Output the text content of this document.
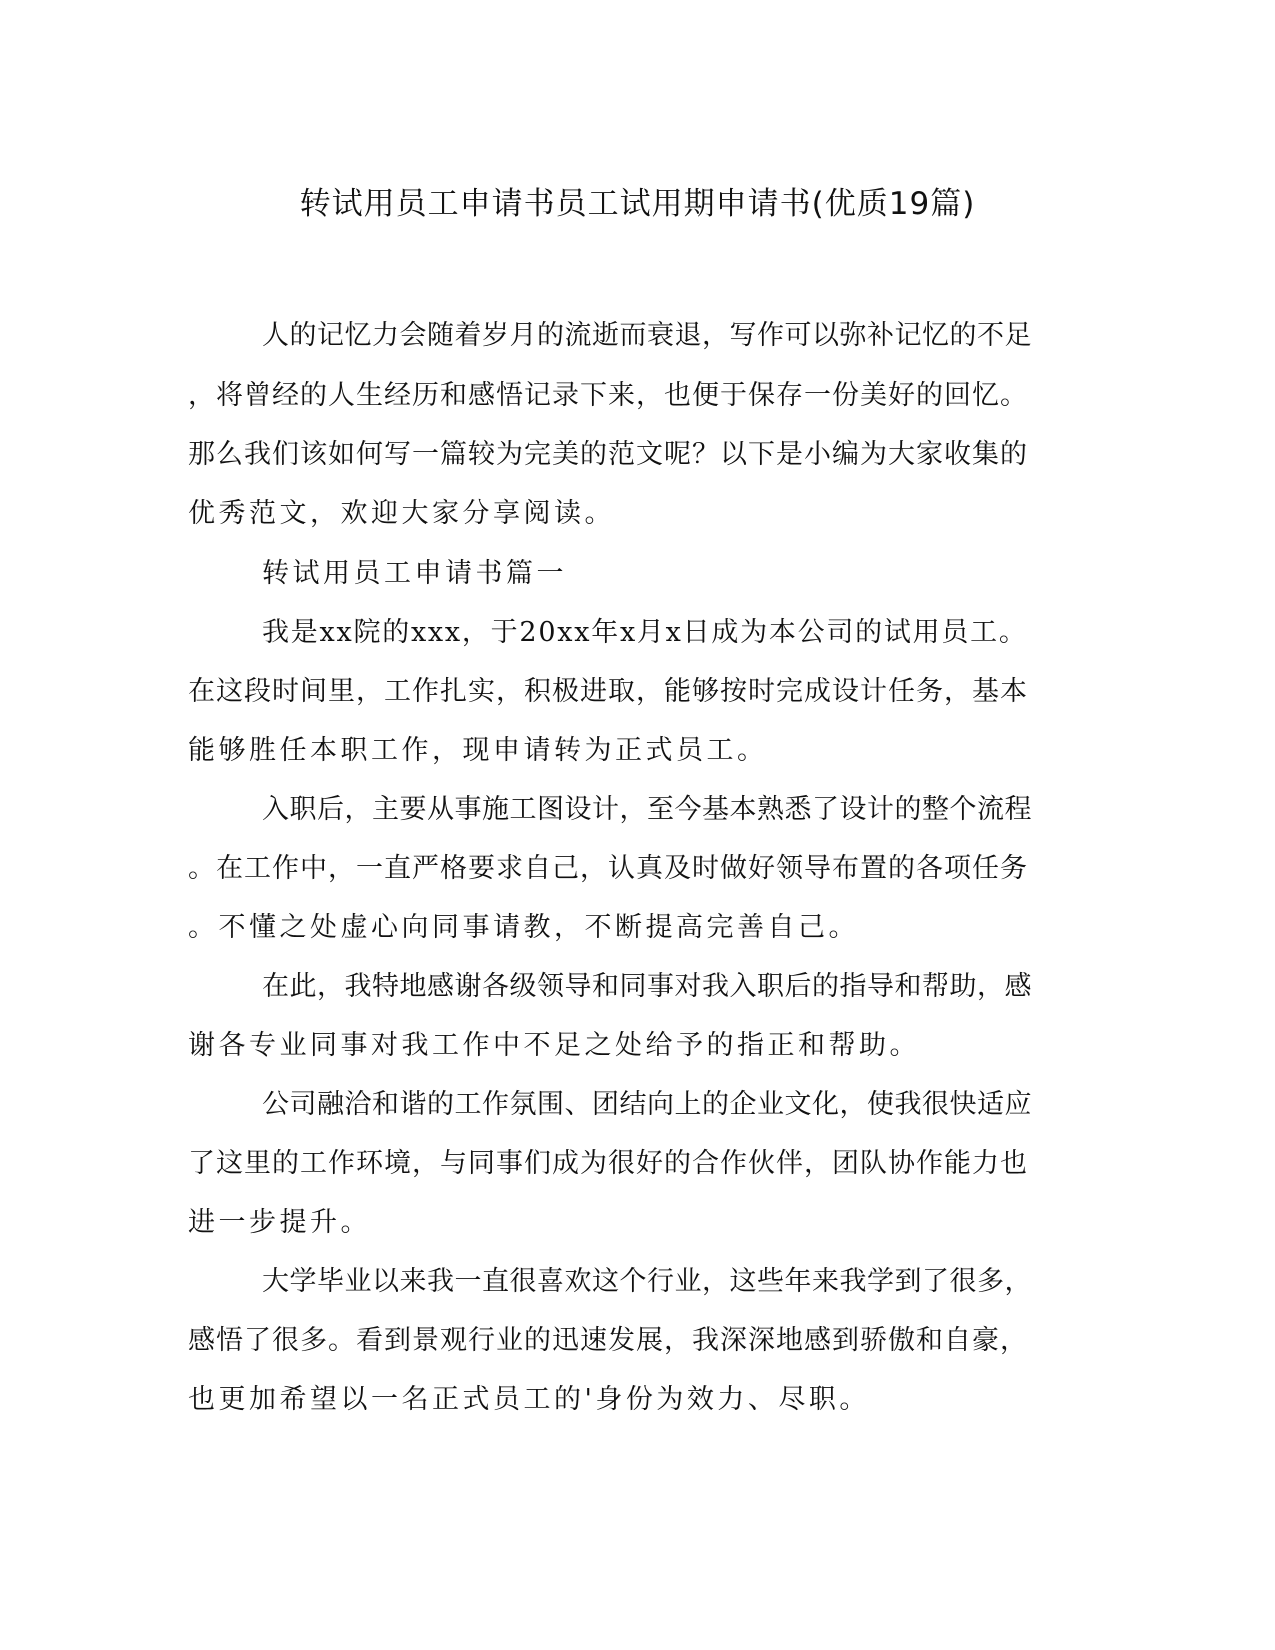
转试用员工申请书员工试用期申请书(优质19篇)
人的记忆力会随着岁月的流逝而衰退，写作可以弥补记忆的不足
，将曾经的人生经历和感悟记录下来，也便于保存一份美好的回忆。
那么我们该如何写一篇较为完美的范文呢？以下是小编为大家收集的
优秀范文，欢迎大家分享阅读。
转试用员工申请书篇一
我是xx院的xxx，于20xx年x月x日成为本公司的试用员工。
在这段时间里，工作扎实，积极进取，能够按时完成设计任务，基本
能够胜任本职工作，现申请转为正式员工。
入职后，主要从事施工图设计，至今基本熟悉了设计的整个流程
。在工作中，一直严格要求自己，认真及时做好领导布置的各项任务
。不懂之处虚心向同事请教，不断提高完善自己。
在此，我特地感谢各级领导和同事对我入职后的指导和帮助，感
谢各专业同事对我工作中不足之处给予的指正和帮助。
公司融洽和谐的工作氛围、团结向上的企业文化，使我很快适应
了这里的工作环境，与同事们成为很好的合作伙伴，团队协作能力也
进一步提升。
大学毕业以来我一直很喜欢这个行业，这些年来我学到了很多，
感悟了很多。看到景观行业的迅速发展，我深深地感到骄傲和自豪，
也更加希望以一名正式员工的'身份为效力、尽职。
